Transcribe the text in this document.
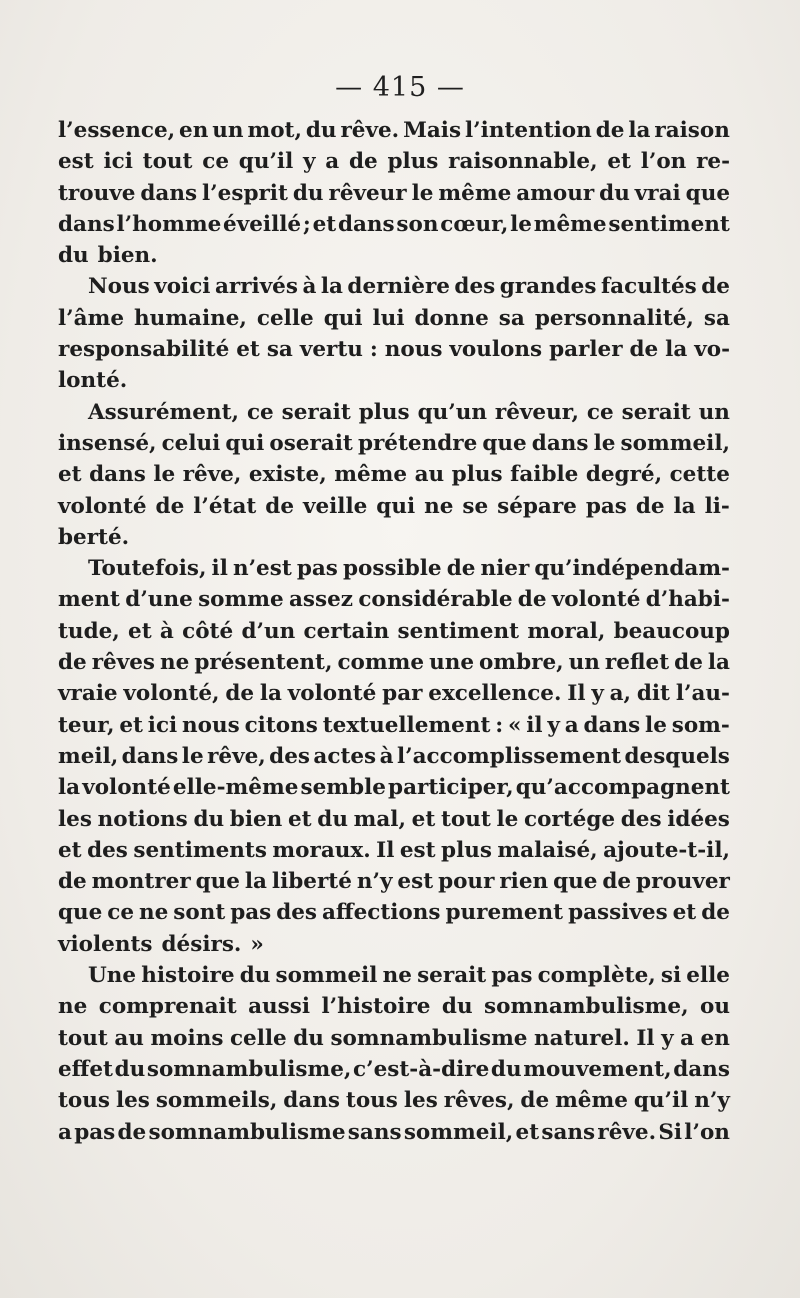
— 415 —
l’essence, en un mot, du rêve. Mais l’intention de la raison
est ici tout ce qu’il y a de plus raisonnable, et l’on re-
trouve dans l’esprit du rêveur le même amour du vrai que
dans l’homme éveillé ; et dans son cœur, le même sentiment
du bien.
Nous voici arrivés à la dernière des grandes facultés de
l’âme humaine, celle qui lui donne sa personnalité, sa
responsabilité et sa vertu : nous voulons parler de la vo-
lonté.
Assurément, ce serait plus qu’un rêveur, ce serait un
insensé, celui qui oserait prétendre que dans le sommeil,
et dans le rêve, existe, même au plus faible degré, cette
volonté de l’état de veille qui ne se sépare pas de la li-
berté.
Toutefois, il n’est pas possible de nier qu’indépendam-
ment d’une somme assez considérable de volonté d’habi-
tude, et à côté d’un certain sentiment moral, beaucoup
de rêves ne présentent, comme une ombre, un reflet de la
vraie volonté, de la volonté par excellence. Il y a, dit l’au-
teur, et ici nous citons textuellement : « il y a dans le som-
meil, dans le rêve, des actes à l’accomplissement desquels
la volonté elle-même semble participer, qu’accompagnent
les notions du bien et du mal, et tout le cortége des idées
et des sentiments moraux. Il est plus malaisé, ajoute-t-il,
de montrer que la liberté n’y est pour rien que de prouver
que ce ne sont pas des affections purement passives et de
violents désirs. »
Une histoire du sommeil ne serait pas complète, si elle
ne comprenait aussi l’histoire du somnambulisme, ou
tout au moins celle du somnambulisme naturel. Il y a en
effet du somnambulisme, c’est-à-dire du mouvement, dans
tous les sommeils, dans tous les rêves, de même qu’il n’y
a pas de somnambulisme sans sommeil, et sans rêve. Si l’on
